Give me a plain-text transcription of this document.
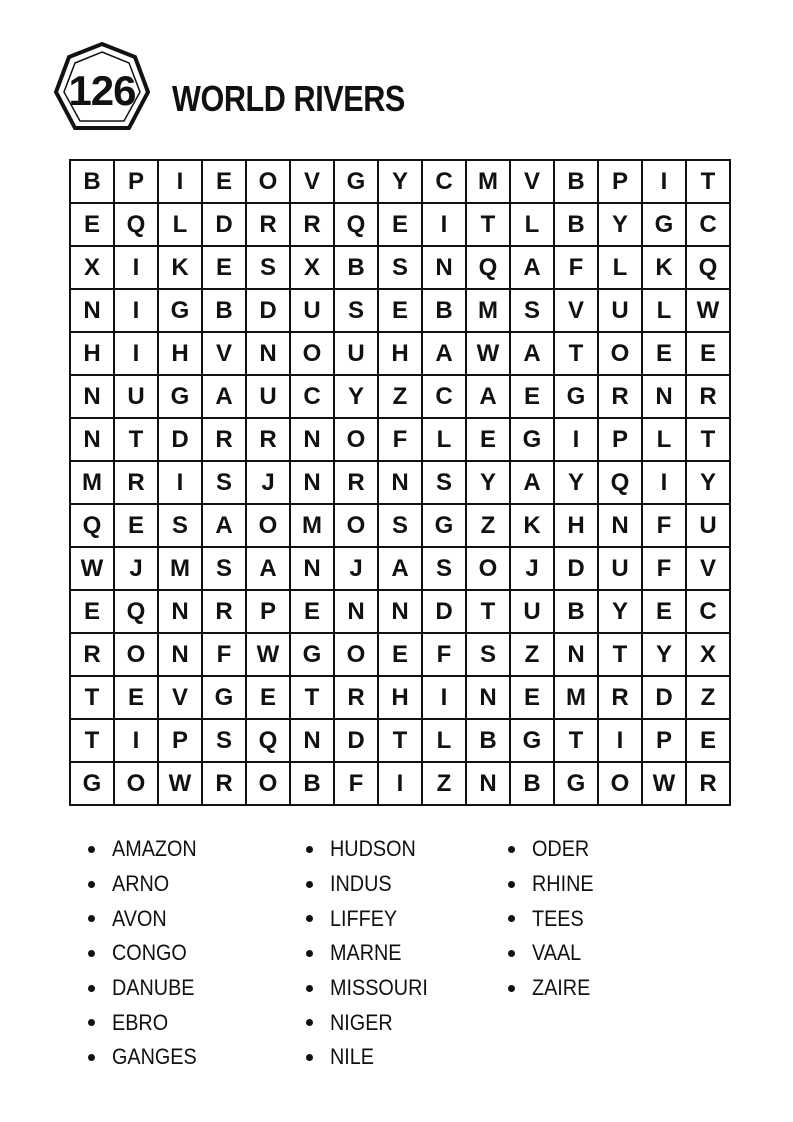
126	WORLD RIVERS
B	P	I	E	O	V	G	Y	C	M	V	B	P	I	T
E	Q	L	D	R	R	Q	E	I	T	L	B	Y	G	C
X	I	K	E	S	X	B	S	N	Q	A	F	L	K	Q
N	I	G	B	D	U	S	E	B	M	S	V	U	L	W
H	I	H	V	N	O	U	H	A	W	A	T	O	E	E
N	U	G	A	U	C	Y	Z	C	A	E	G	R	N	R
N	T	D	R	R	N	O	F	L	E	G	I	P	L	T
M	R	I	S	J	N	R	N	S	Y	A	Y	Q	I	Y
Q	E	S	A	O	M	O	S	G	Z	K	H	N	F	U
W	J	M	S	A	N	J	A	S	O	J	D	U	F	V
E	Q	N	R	P	E	N	N	D	T	U	B	Y	E	C
R	O	N	F	W	G	O	E	F	S	Z	N	T	Y	X
T	E	V	G	E	T	R	H	I	N	E	M	R	D	Z
T	I	P	S	Q	N	D	T	L	B	G	T	I	P	E
G	O	W	R	O	B	F	I	Z	N	B	G	O	W	R
AMAZON
ARNO
AVON
CONGO
DANUBE
EBRO
GANGES
HUDSON
INDUS
LIFFEY
MARNE
MISSOURI
NIGER
NILE
ODER
RHINE
TEES
VAAL
ZAIRE
